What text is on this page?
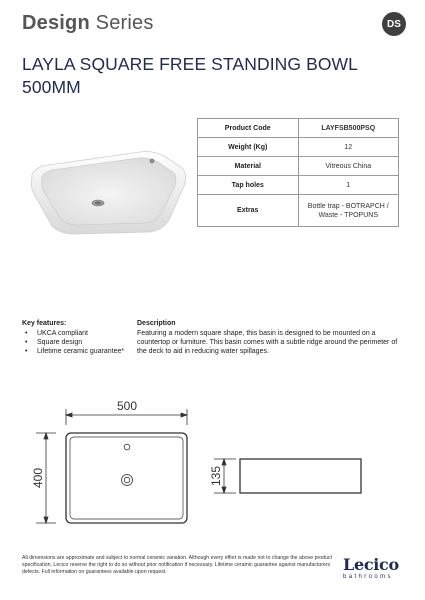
Design Series	DS
LAYLA SQUARE FREE STANDING BOWL 500MM
Product Code	LAYFSB500PSQ
Weight (Kg)	12
Material	Vitreous China
Tap holes	1
Extras	Bottle trap - BOTRAPCH / Waste - TPOPUNS
Key features:
• UKCA compliant
• Square design
• Lifetime ceramic guarantee*
Description
Featuring a modern square shape, this basin is designed to be mounted on a countertop or furniture. This basin comes with a subtle ridge around the perimeter of the deck to aid in reducing water spillages.
500
400	135
All dimensions are approximate and subject to normal ceramic variation. Although every effort is made not to change the above product specification, Lecico reserve the right to do so without prior notification if necessary. Lifetime ceramic guarantee against manufacturers defects. Full information on guarantees available upon request.	Lecico
bathrooms
